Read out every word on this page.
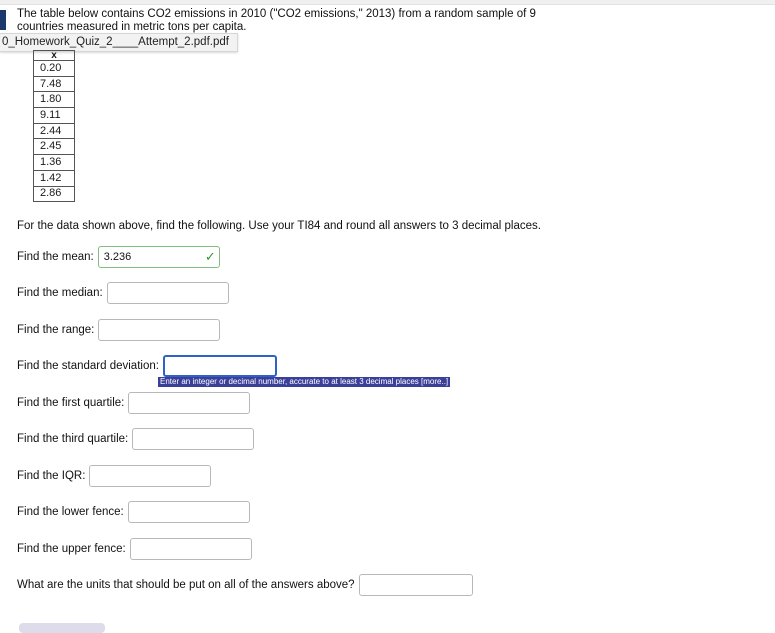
The table below contains CO2 emissions in 2010 ("CO2 emissions," 2013) from a random sample of 9 countries measured in metric tons per capita.
0_Homework_Quiz_2____Attempt_2.pdf.pdf
x
0.20
7.48
1.80
9.11
2.44
2.45
1.36
1.42
2.86
For the data shown above, find the following. Use your TI84 and round all answers to 3 decimal places.
Find the mean: 3.236	✓
Find the median:
Find the range:
Find the standard deviation:
Enter an integer or decimal number, accurate to at least 3 decimal places [more..]
Find the first quartile:
Find the third quartile:
Find the IQR:
Find the lower fence:
Find the upper fence:
What are the units that should be put on all of the answers above?
